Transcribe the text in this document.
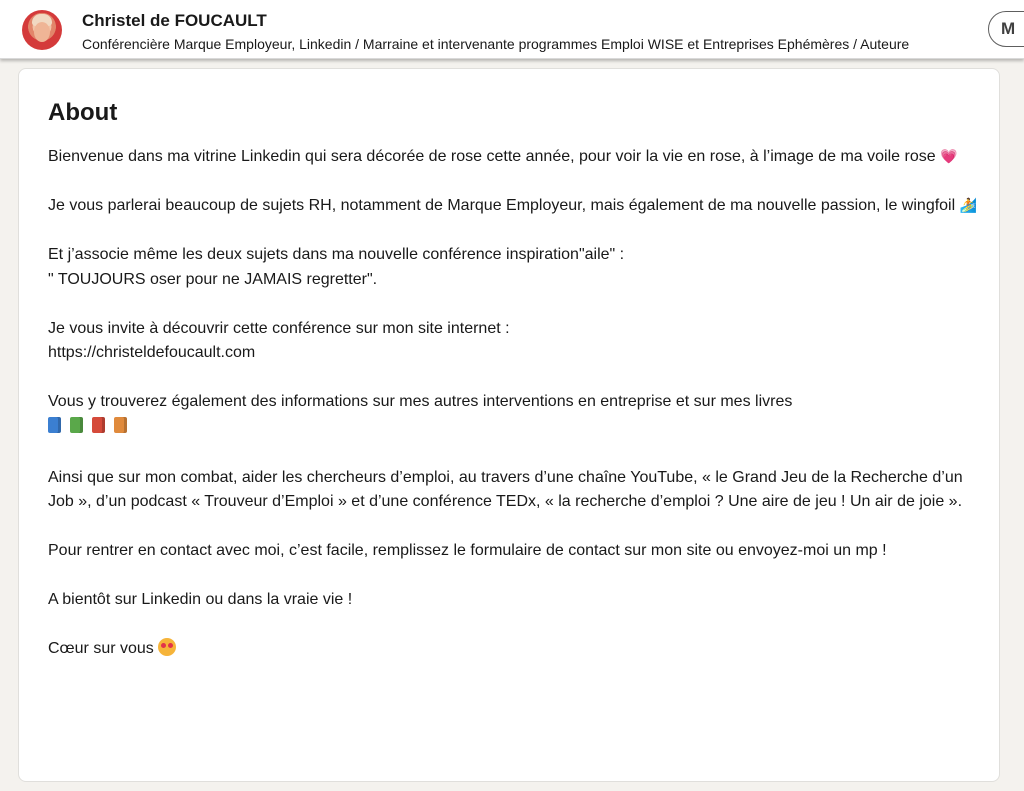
Christel de FOUCAULT
Conférencière Marque Employeur, Linkedin / Marraine et intervenante programmes Emploi WISE et Entreprises Ephémères / Auteure
M
About

Bienvenue dans ma vitrine Linkedin qui sera décorée de rose cette année, pour voir la vie en rose, à l’image de ma voile rose 💗

Je vous parlerai beaucoup de sujets RH, notamment de Marque Employeur, mais également de ma nouvelle passion, le wingfoil 🏄

Et j’associe même les deux sujets dans ma nouvelle conférence inspiration"aile" :
" TOUJOURS oser pour ne JAMAIS regretter".

Je vous invite à découvrir cette conférence sur mon site internet :
https://christeldefoucault.com

Vous y trouverez également des informations sur mes autres interventions en entreprise et sur mes livres

Ainsi que sur mon combat, aider les chercheurs d’emploi, au travers d’une chaîne YouTube, « le Grand Jeu de la Recherche d’un Job », d’un podcast « Trouveur d’Emploi » et d’une conférence TEDx, « la recherche d’emploi ? Une aire de jeu ! Un air de joie ».

Pour rentrer en contact avec moi, c’est facile, remplissez le formulaire de contact sur mon site ou envoyez-moi un mp !

A bientôt sur Linkedin ou dans la vraie vie !

Cœur sur vous
